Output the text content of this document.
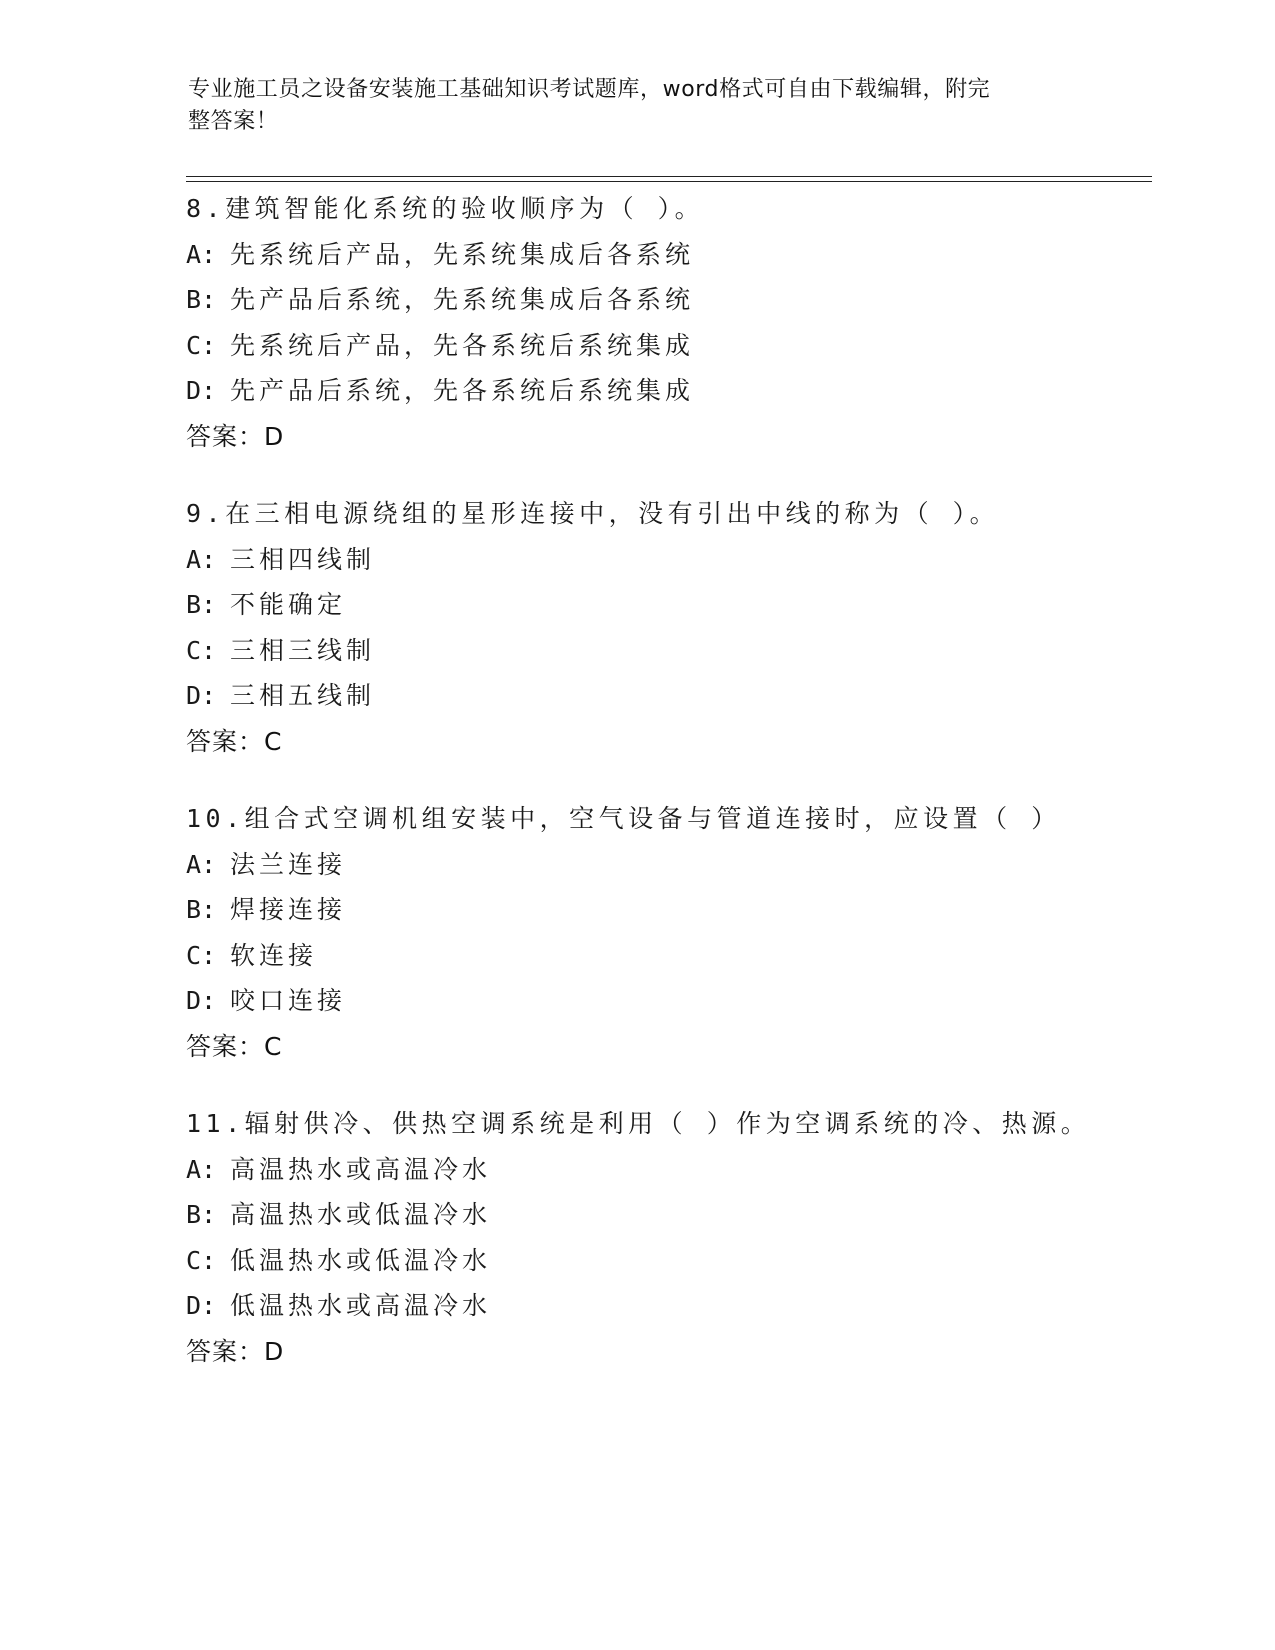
专业施工员之设备安装施工基础知识考试题库，word格式可自由下载编辑，附完
整答案！
8.建筑智能化系统的验收顺序为（ ）。
A: 先系统后产品，先系统集成后各系统
B: 先产品后系统，先系统集成后各系统
C: 先系统后产品，先各系统后系统集成
D: 先产品后系统，先各系统后系统集成
答案：D
9.在三相电源绕组的星形连接中，没有引出中线的称为（ ）。
A: 三相四线制
B: 不能确定
C: 三相三线制
D: 三相五线制
答案：C
10.组合式空调机组安装中，空气设备与管道连接时，应设置（ ）
A: 法兰连接
B: 焊接连接
C: 软连接
D: 咬口连接
答案：C
11.辐射供冷、供热空调系统是利用（ ）作为空调系统的冷、热源。
A: 高温热水或高温冷水
B: 高温热水或低温冷水
C: 低温热水或低温冷水
D: 低温热水或高温冷水
答案：D
